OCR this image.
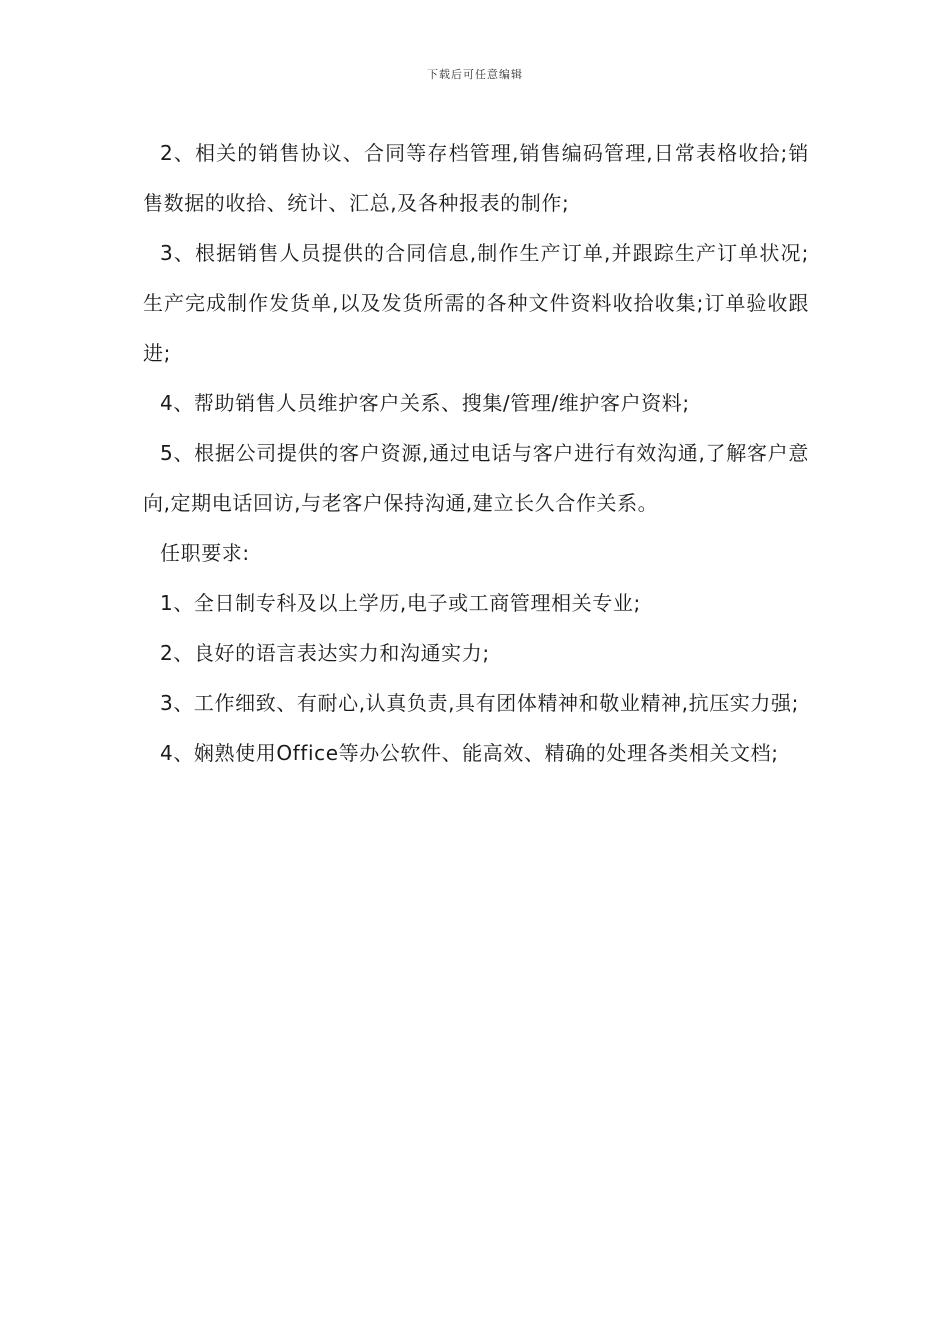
下载后可任意编辑

2、相关的销售协议、合同等存档管理,销售编码管理,日常表格收拾;销售数据的收拾、统计、汇总,及各种报表的制作;

3、根据销售人员提供的合同信息,制作生产订单,并跟踪生产订单状况;生产完成制作发货单,以及发货所需的各种文件资料收拾收集;订单验收跟进;

4、帮助销售人员维护客户关系、搜集/管理/维护客户资料;

5、根据公司提供的客户资源,通过电话与客户进行有效沟通,了解客户意向,定期电话回访,与老客户保持沟通,建立长久合作关系。

任职要求:

1、全日制专科及以上学历,电子或工商管理相关专业;

2、良好的语言表达实力和沟通实力;

3、工作细致、有耐心,认真负责,具有团体精神和敬业精神,抗压实力强;

4、娴熟使用Office等办公软件、能高效、精确的处理各类相关文档;
